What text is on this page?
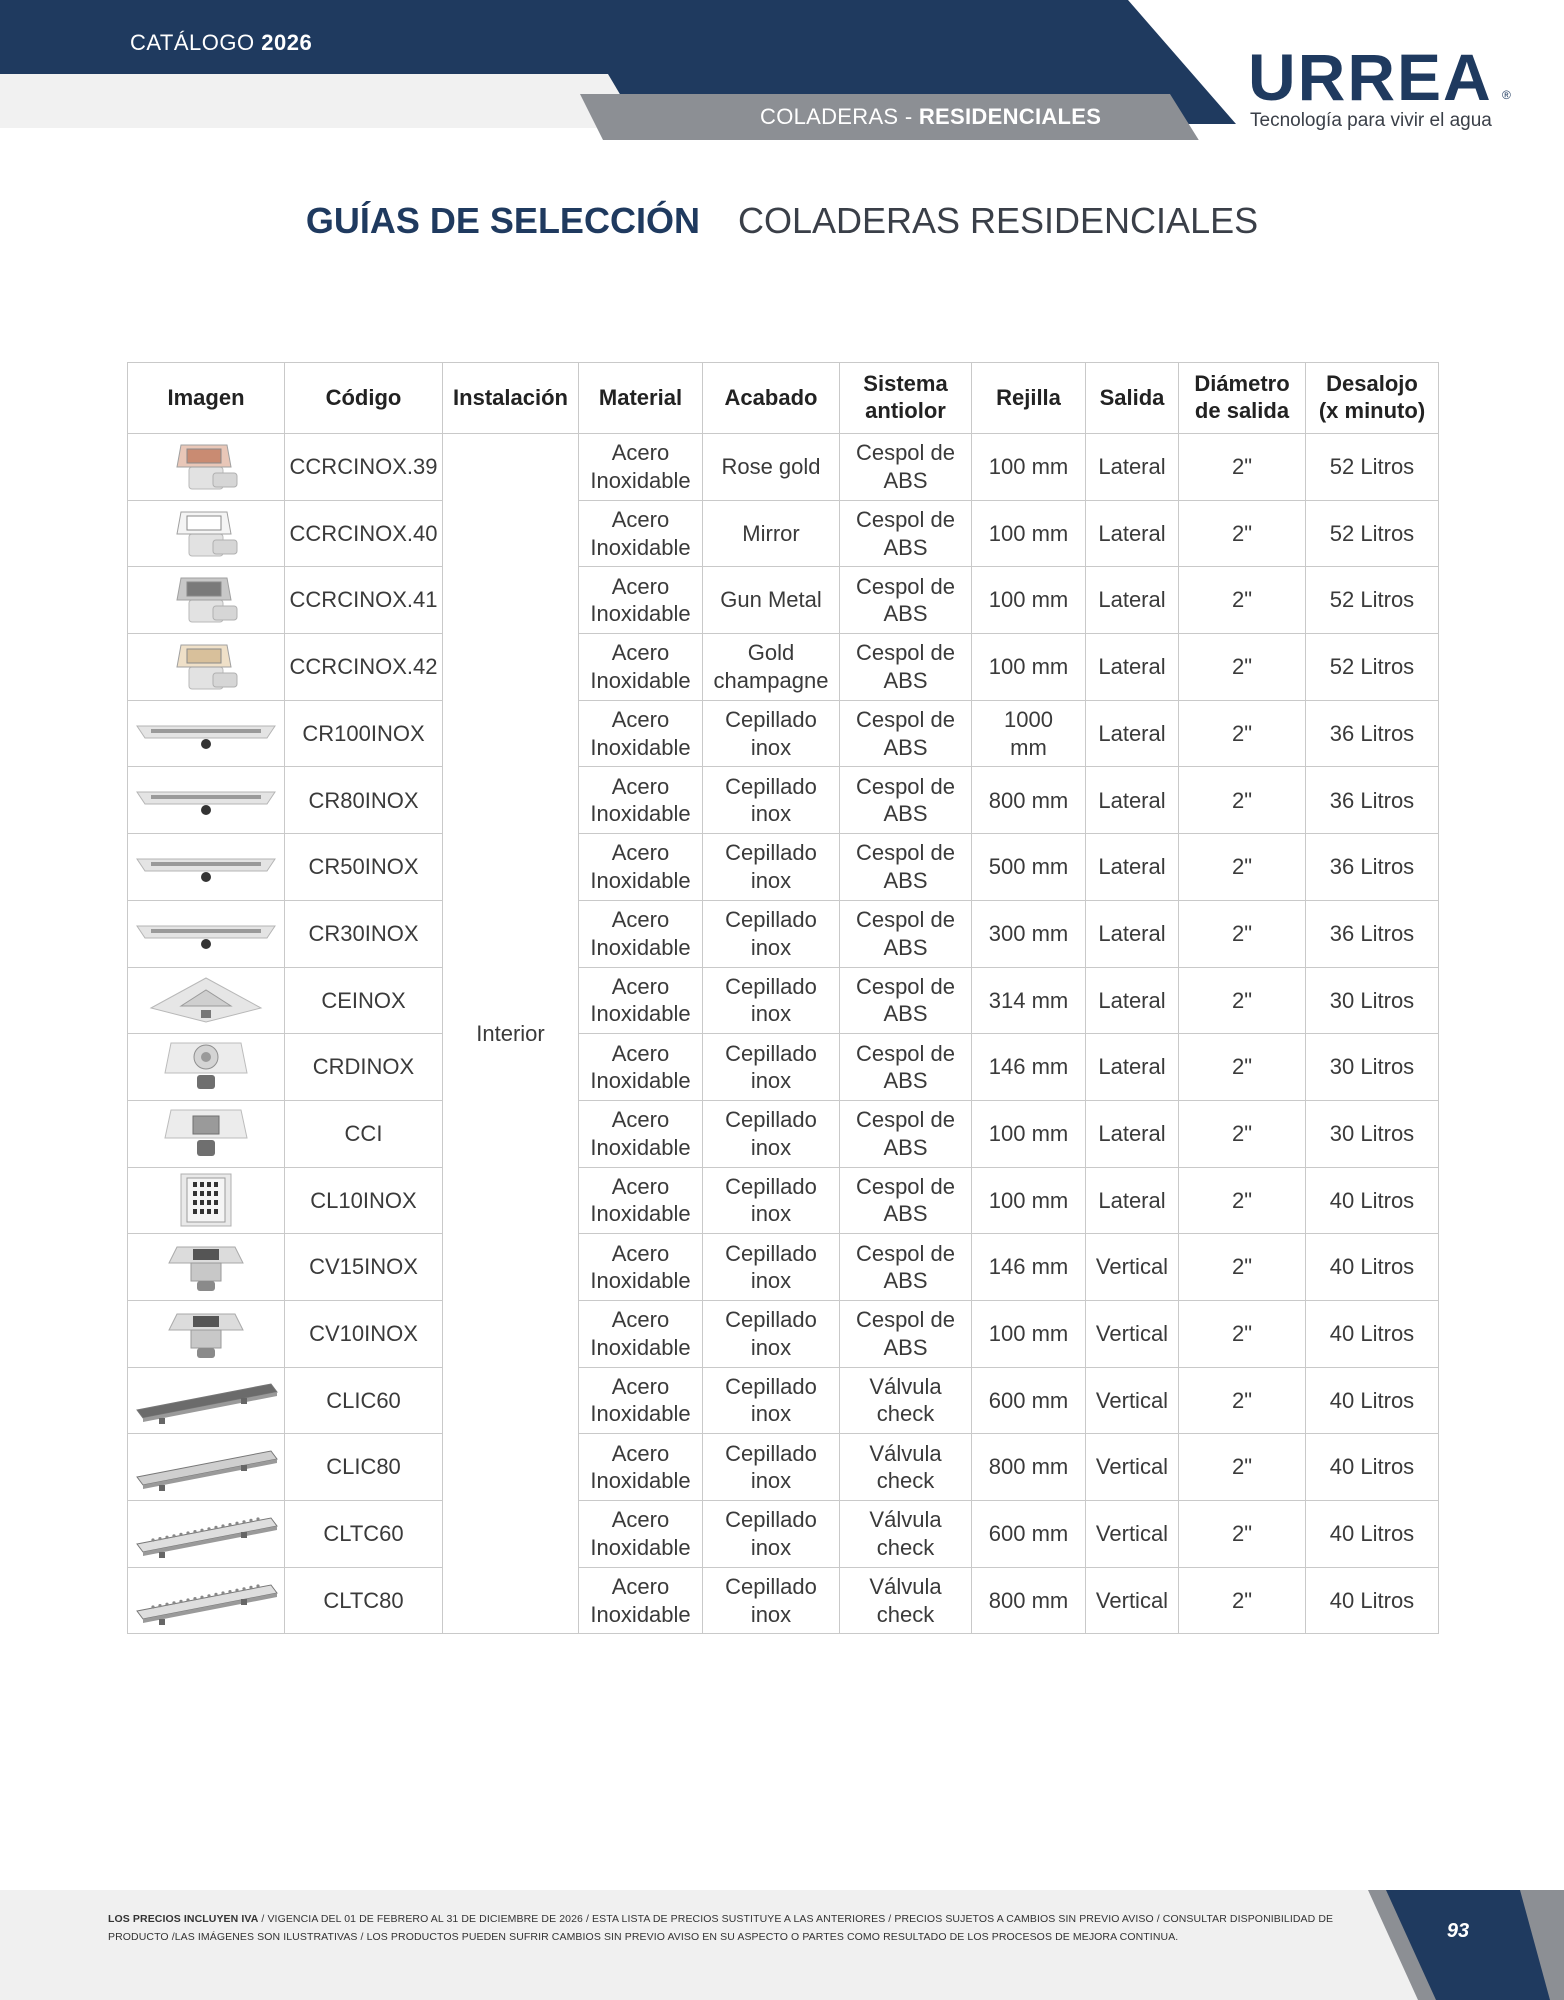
CATÁLOGO 2026
COLADERAS - RESIDENCIALES
URREA ®
Tecnología para vivir el agua
GUÍAS DE SELECCIÓN COLADERAS RESIDENCIALES
Imagen	Código	Instalación	Material	Acabado	Sistema
antiolor	Rejilla	Salida	Diámetro
de salida	Desalojo
(x minuto)

	CCRCINOX.39	Interior	Acero
Inoxidable	Rose gold	Cespol de
ABS	100 mm	Lateral	2"	52 Litros

	CCRCINOX.40		Acero
Inoxidable	Mirror	Cespol de
ABS	100 mm	Lateral	2"	52 Litros

	CCRCINOX.41		Acero
Inoxidable	Gun Metal	Cespol de
ABS	100 mm	Lateral	2"	52 Litros

	CCRCINOX.42		Acero
Inoxidable	Gold
champagne	Cespol de
ABS	100 mm	Lateral	2"	52 Litros

	CR100INOX		Acero
Inoxidable	Cepillado
inox	Cespol de
ABS	1000
mm	Lateral	2"	36 Litros

	CR80INOX		Acero
Inoxidable	Cepillado
inox	Cespol de
ABS	800 mm	Lateral	2"	36 Litros

	CR50INOX		Acero
Inoxidable	Cepillado
inox	Cespol de
ABS	500 mm	Lateral	2"	36 Litros

	CR30INOX		Acero
Inoxidable	Cepillado
inox	Cespol de
ABS	300 mm	Lateral	2"	36 Litros

	CEINOX		Acero
Inoxidable	Cepillado
inox	Cespol de
ABS	314 mm	Lateral	2"	30 Litros

	CRDINOX		Acero
Inoxidable	Cepillado
inox	Cespol de
ABS	146 mm	Lateral	2"	30 Litros

	CCI		Acero
Inoxidable	Cepillado
inox	Cespol de
ABS	100 mm	Lateral	2"	30 Litros

	CL10INOX		Acero
Inoxidable	Cepillado
inox	Cespol de
ABS	100 mm	Lateral	2"	40 Litros

	CV15INOX		Acero
Inoxidable	Cepillado
inox	Cespol de
ABS	146 mm	Vertical	2"	40 Litros

	CV10INOX		Acero
Inoxidable	Cepillado
inox	Cespol de
ABS	100 mm	Vertical	2"	40 Litros

	CLIC60		Acero
Inoxidable	Cepillado
inox	Válvula
check	600 mm	Vertical	2"	40 Litros

	CLIC80		Acero
Inoxidable	Cepillado
inox	Válvula
check	800 mm	Vertical	2"	40 Litros

	CLTC60		Acero
Inoxidable	Cepillado
inox	Válvula
check	600 mm	Vertical	2"	40 Litros

	CLTC80		Acero
Inoxidable	Cepillado
inox	Válvula
check	800 mm	Vertical	2"	40 Litros
93
LOS PRECIOS INCLUYEN IVA / VIGENCIA DEL 01 DE FEBRERO AL 31 DE DICIEMBRE DE 2026 / ESTA LISTA DE PRECIOS SUSTITUYE A LAS ANTERIORES / PRECIOS SUJETOS A CAMBIOS SIN PREVIO AVISO / CONSULTAR DISPONIBILIDAD DE PRODUCTO /LAS IMÁGENES SON ILUSTRATIVAS / LOS PRODUCTOS PUEDEN SUFRIR CAMBIOS SIN PREVIO AVISO EN SU ASPECTO O PARTES COMO RESULTADO DE LOS PROCESOS DE MEJORA CONTINUA.
